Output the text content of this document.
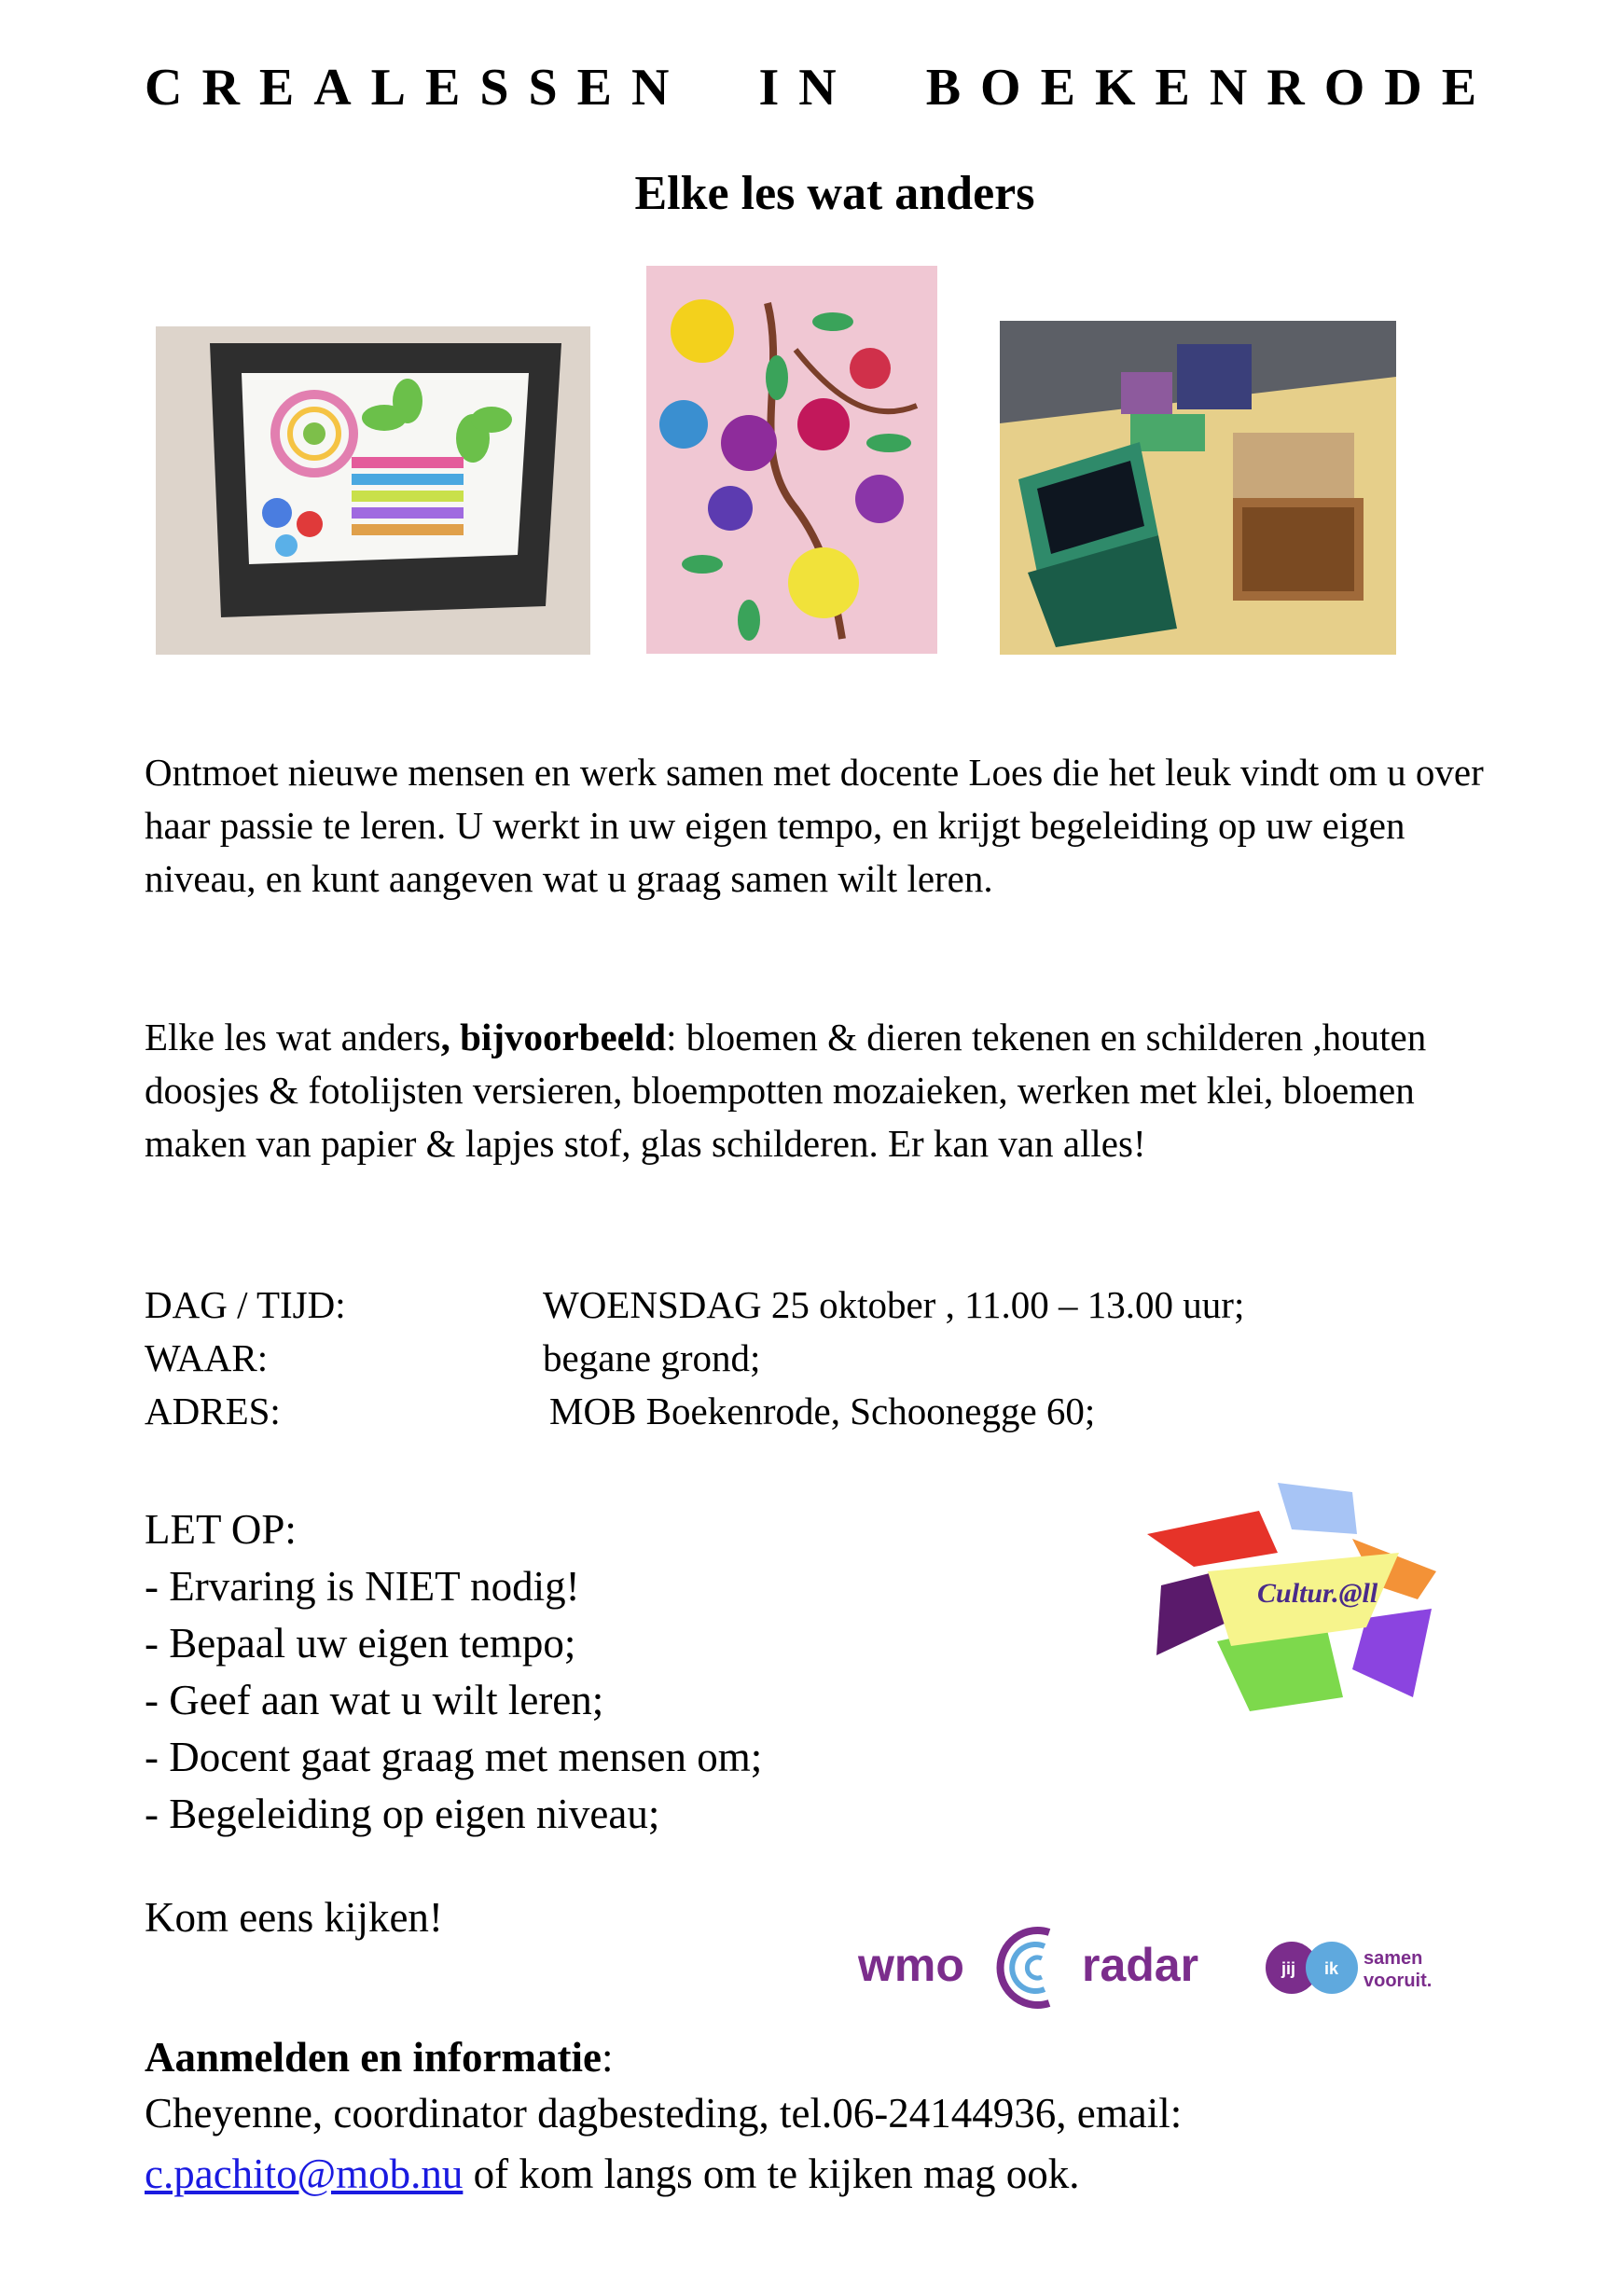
CREALESSEN IN BOEKENRODE
Elke les wat anders

Ontmoet nieuwe mensen en werk samen met docente Loes die het leuk vindt om u over haar passie te leren. U werkt in uw eigen tempo, en krijgt begeleiding op uw eigen niveau, en kunt aangeven wat u graag samen wilt leren.

Elke les wat anders, bijvoorbeeld: bloemen & dieren tekenen en schilderen ,houten doosjes & fotolijsten versieren, bloempotten mozaieken, werken met klei, bloemen maken van papier & lapjes stof, glas schilderen. Er kan van alles!

DAG / TIJD:	WOENSDAG 25 oktober , 11.00 – 13.00 uur;
WAAR:	begane grond;
ADRES:	MOB Boekenrode, Schoonegge 60;
LET OP:
- Ervaring is NIET nodig!
- Bepaal uw eigen tempo;
- Geef aan wat u wilt leren;
- Docent gaat graag met mensen om;
- Begeleiding op eigen niveau;
Cultur.@ll

Kom eens kijken!

wmo	radar	jij ik samen
vooruit.
Aanmelden en informatie:
Cheyenne, coordinator dagbesteding, tel.06-24144936, email:
c.pachito@mob.nu of kom langs om te kijken mag ook.
